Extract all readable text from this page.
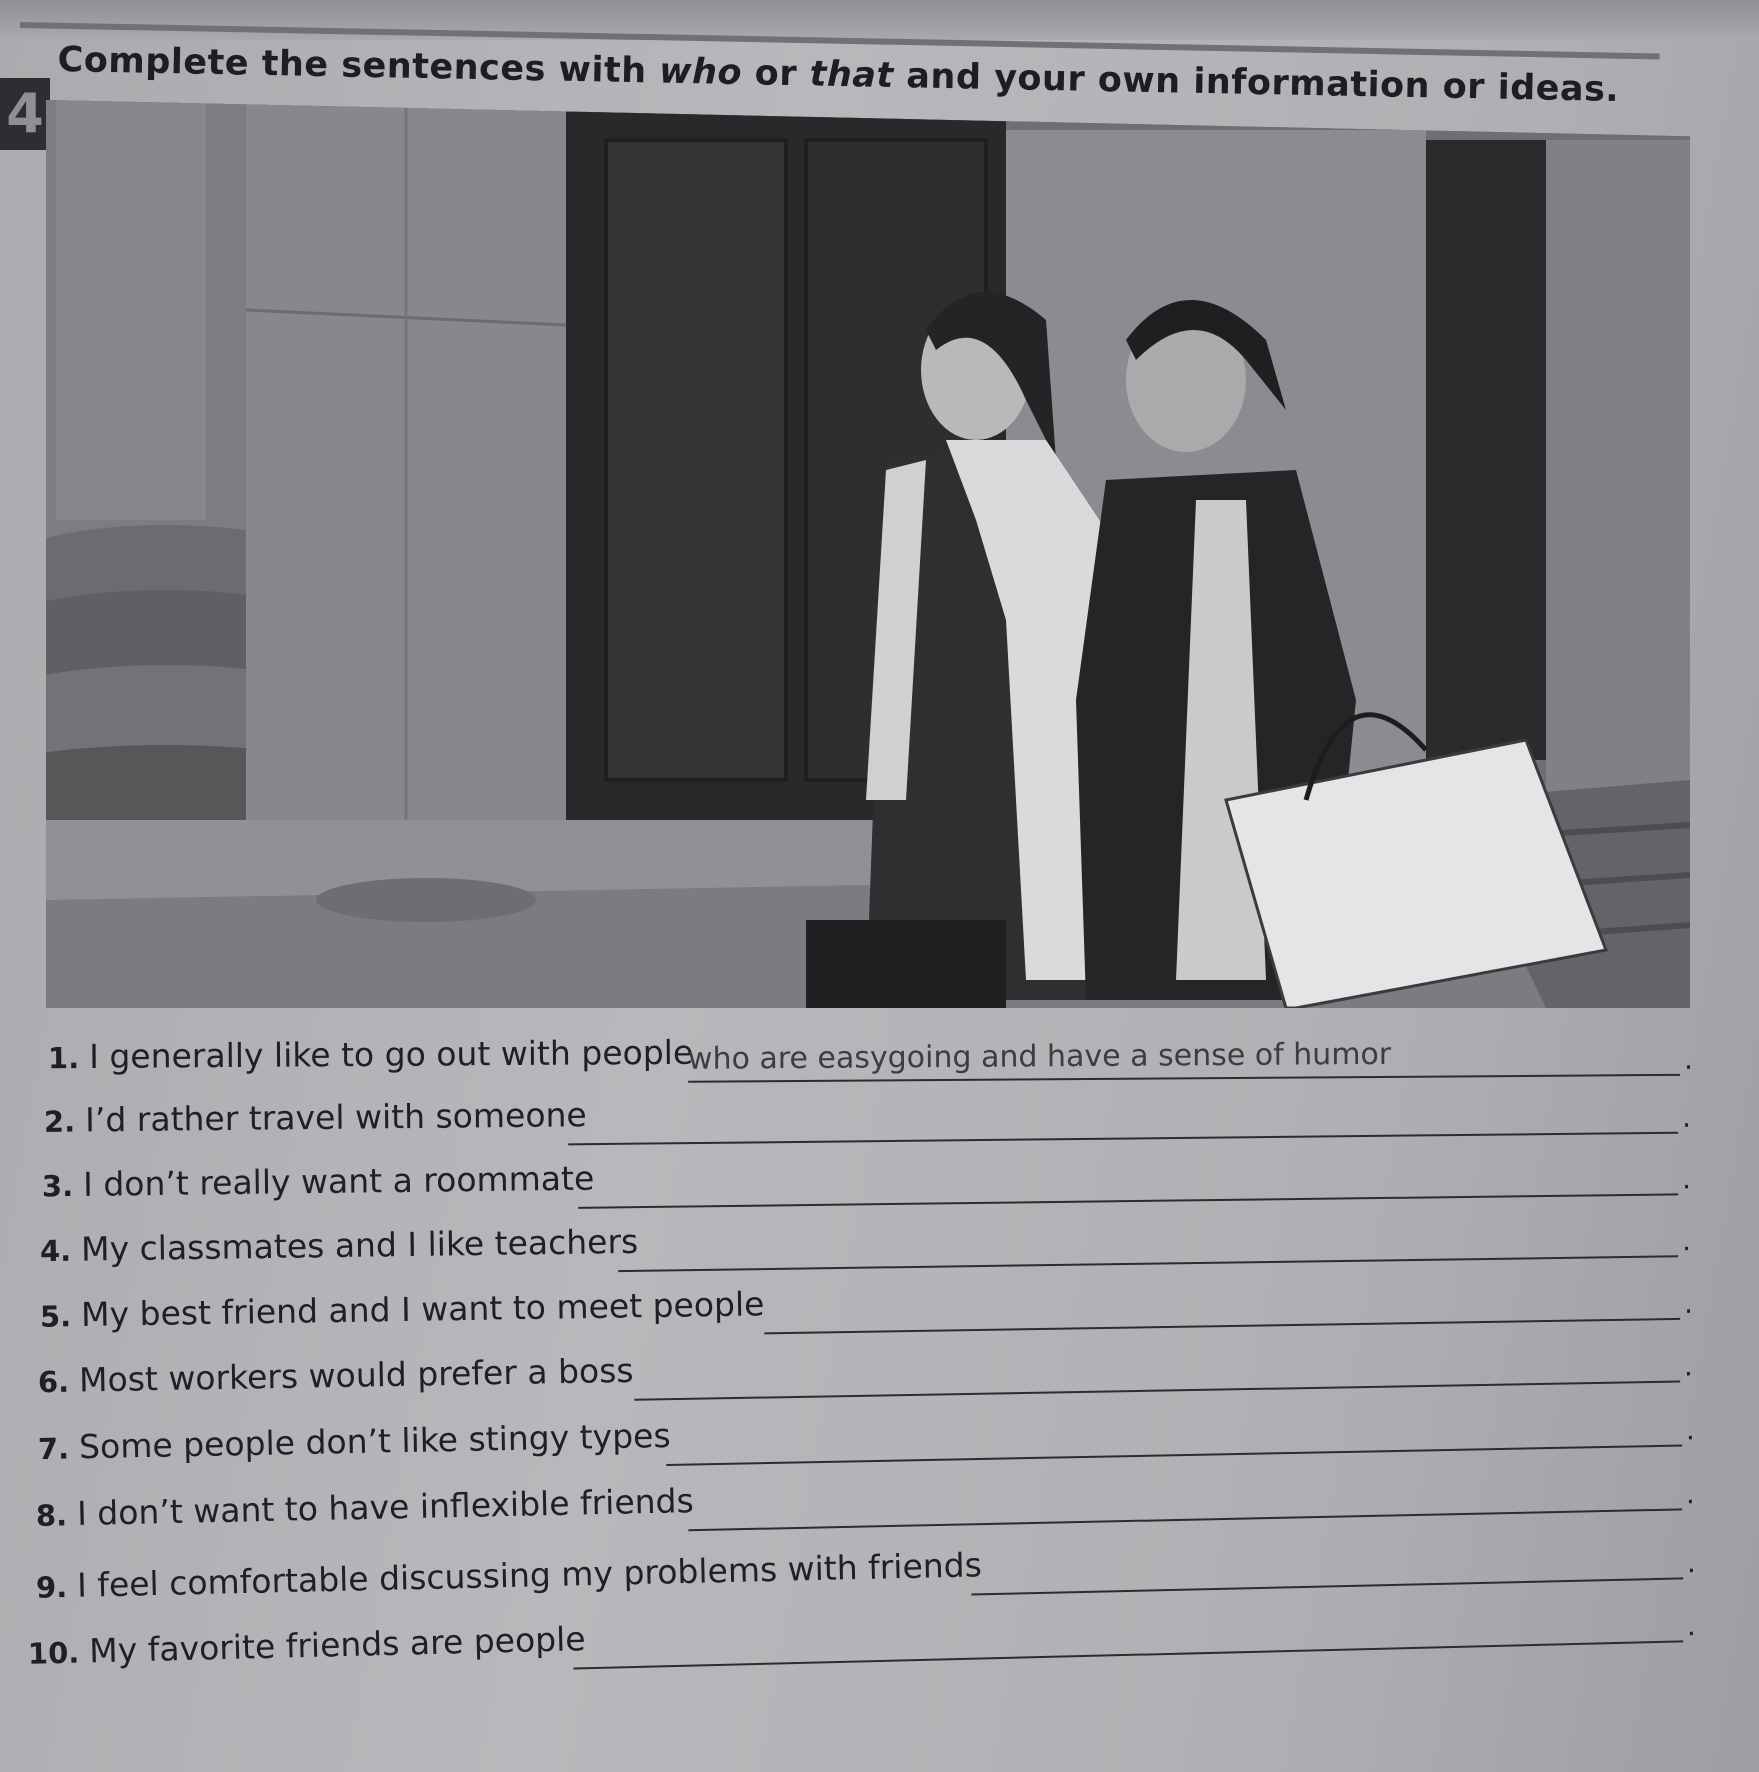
4
Complete the sentences with who or that and your own information or ideas.
1. I generally like to go out with people
who are easygoing and have a sense of humor	.
2. I’d rather travel with someone	.
3. I don’t really want a roommate	.
4. My classmates and I like teachers	.
5. My best friend and I want to meet people	.
6. Most workers would prefer a boss	.
7. Some people don’t like stingy types	.
8. I don’t want to have inflexible friends	.
9. I feel comfortable discussing my problems with friends	.
10. My favorite friends are people	.
